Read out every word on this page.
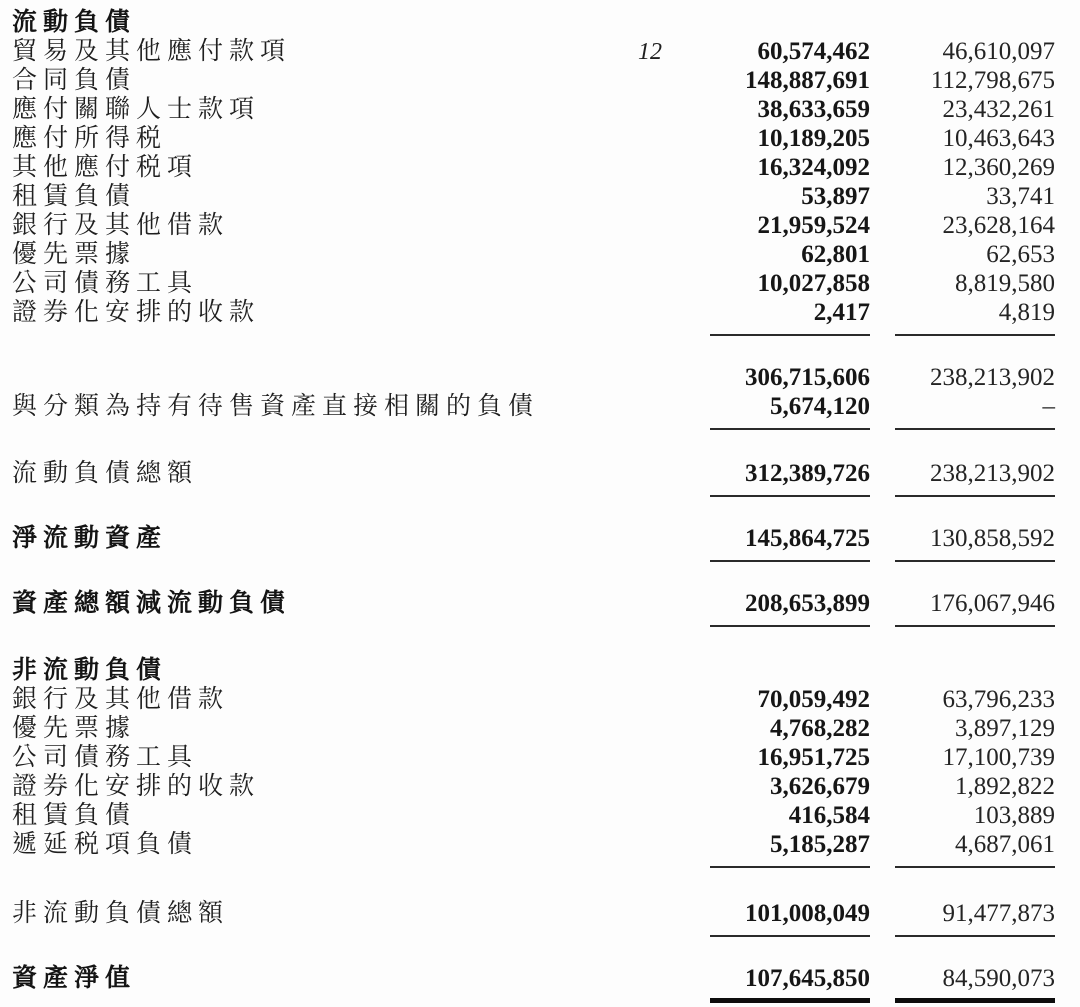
流動負債
貿易及其他應付款項	12	60,574,462	46,610,097
合同負債	148,887,691	112,798,675
應付關聯人士款項	38,633,659	23,432,261
應付所得税	10,189,205	10,463,643
其他應付税項	16,324,092	12,360,269
租賃負債	53,897	33,741
銀行及其他借款	21,959,524	23,628,164
優先票據	62,801	62,653
公司債務工具	10,027,858	8,819,580
證券化安排的收款	2,417	4,819
306,715,606	238,213,902
與分類為持有待售資產直接相關的負債	5,674,120	–
流動負債總額	312,389,726	238,213,902
淨流動資產	145,864,725	130,858,592
資產總額減流動負債	208,653,899	176,067,946
非流動負債
銀行及其他借款	70,059,492	63,796,233
優先票據	4,768,282	3,897,129
公司債務工具	16,951,725	17,100,739
證券化安排的收款	3,626,679	1,892,822
租賃負債	416,584	103,889
遞延税項負債	5,185,287	4,687,061
非流動負債總額	101,008,049	91,477,873
資產淨值	107,645,850	84,590,073
